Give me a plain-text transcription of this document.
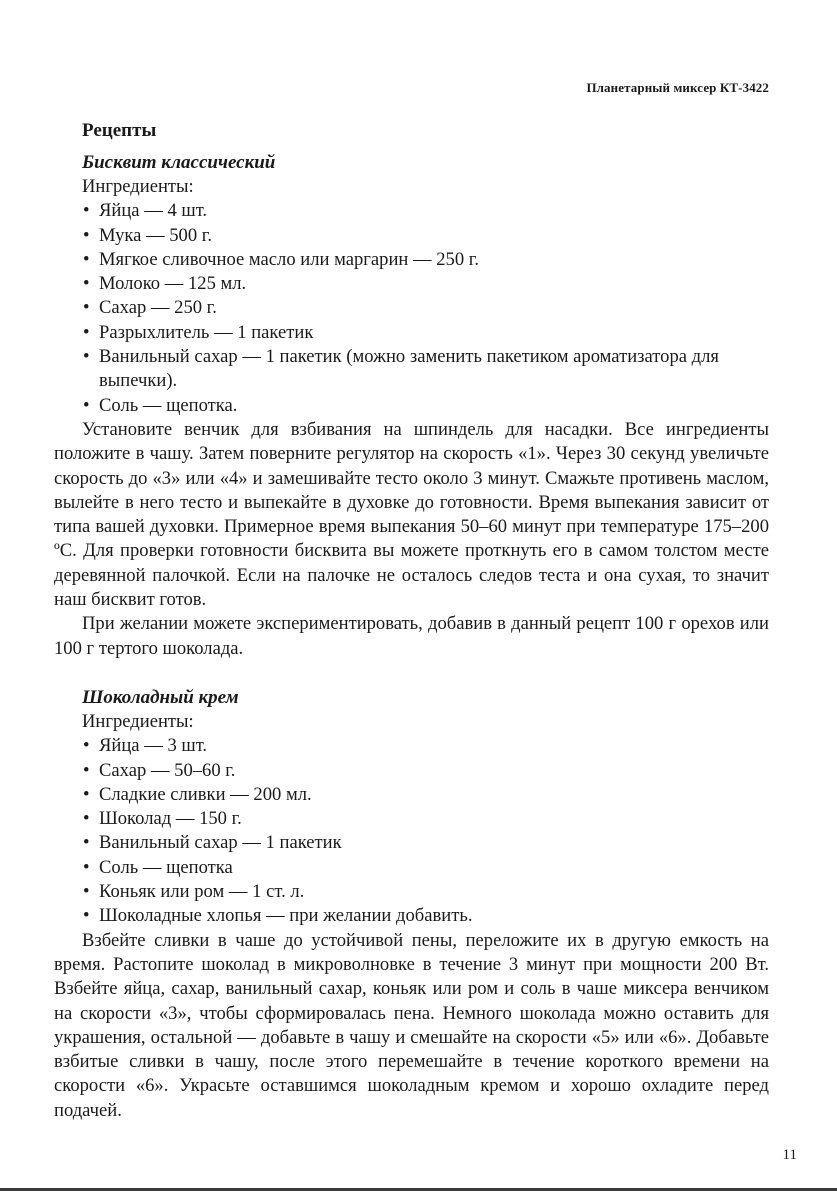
Планетарный миксер КТ-3422
Рецепты
Бисквит классический
Ингредиенты:
• Яйца — 4 шт.
• Мука — 500 г.
• Мягкое сливочное масло или маргарин — 250 г.
• Молоко — 125 мл.
• Сахар — 250 г.
• Разрыхлитель — 1 пакетик
• Ванильный сахар — 1 пакетик (можно заменить пакетиком ароматизатора для выпечки).
• Соль — щепотка.

Установите венчик для взбивания на шпиндель для насадки. Все ингредиенты положите в чашу. Затем поверните регулятор на скорость «1». Через 30 секунд увеличьте скорость до «3» или «4» и замешивайте тесто около 3 минут. Смажьте противень маслом, вылейте в него тесто и выпекайте в духовке до готовности. Время выпекания зависит от типа вашей духовки. Примерное время выпекания 50–60 минут при температуре 175–200 ºС. Для проверки готовности бисквита вы можете проткнуть его в самом толстом месте деревянной палочкой. Если на палочке не осталось следов теста и она сухая, то значит наш бисквит готов.

При желании можете экспериментировать, добавив в данный рецепт 100 г орехов или 100 г тертого шоколада.

Шоколадный крем
Ингредиенты:
• Яйца — 3 шт.
• Сахар — 50–60 г.
• Сладкие сливки — 200 мл.
• Шоколад — 150 г.
• Ванильный сахар — 1 пакетик
• Соль — щепотка
• Коньяк или ром — 1 ст. л.
• Шоколадные хлопья — при желании добавить.

Взбейте сливки в чаше до устойчивой пены, переложите их в другую емкость на время. Растопите шоколад в микроволновке в течение 3 минут при мощности 200 Вт. Взбейте яйца, сахар, ванильный сахар, коньяк или ром и соль в чаше миксера венчиком на скорости «3», чтобы сформировалась пена. Немного шоколада можно оставить для украшения, остальной — добавьте в чашу и смешайте на скорости «5» или «6». Добавьте взбитые сливки в чашу, после этого перемешайте в течение короткого времени на скорости «6». Украсьте оставшимся шоколадным кремом и хорошо охладите перед подачей.

11
